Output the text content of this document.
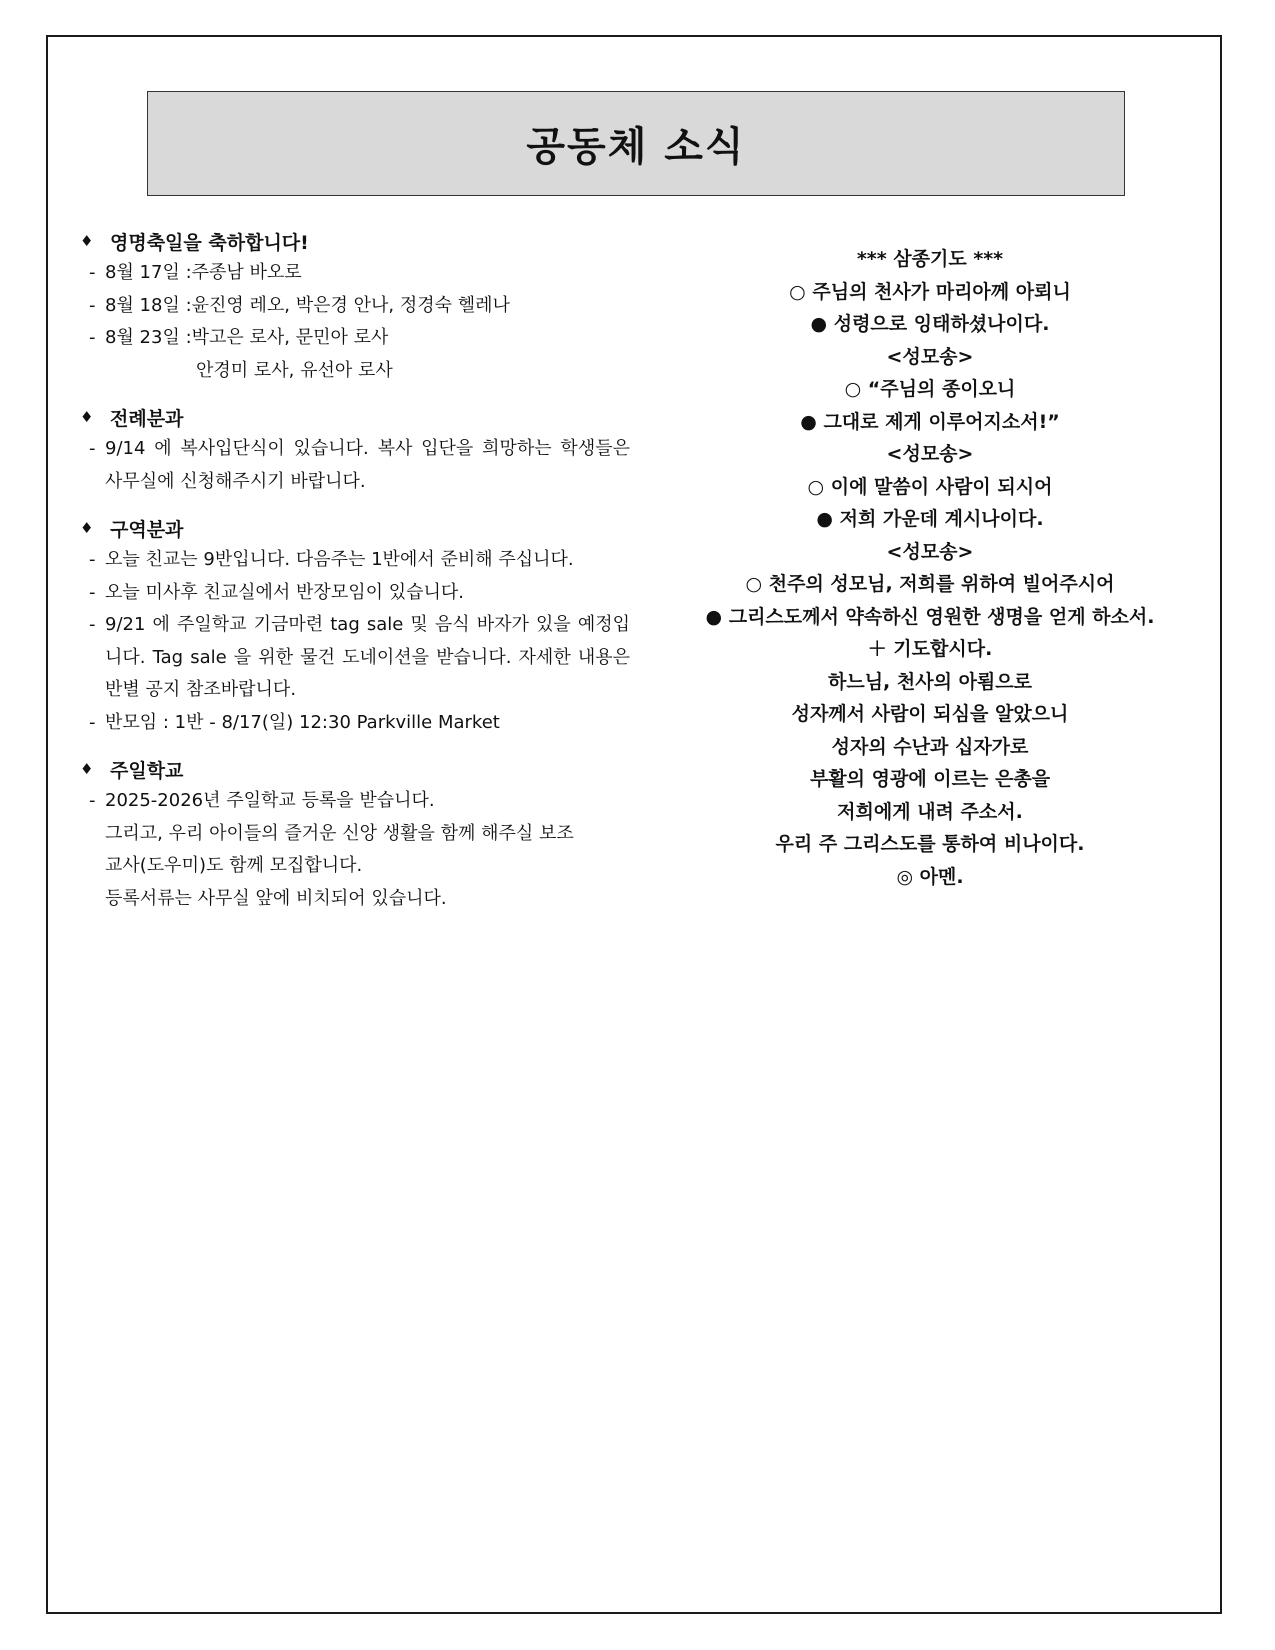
공동체 소식
♦ 영명축일을 축하합니다!
- 8월 17일 : 주종남 바오로
- 8월 18일 : 윤진영 레오, 박은경 안나, 정경숙 헬레나
- 8월 23일 : 박고은 로사, 문민아 로사
안경미 로사, 유선아 로사
♦ 전례분과
- 9/14 에 복사입단식이 있습니다. 복사 입단을 희망하는 학생들은 사무실에 신청해주시기 바랍니다.
♦ 구역분과
- 오늘 친교는 9반입니다. 다음주는 1반에서 준비해 주십니다.
- 오늘 미사후 친교실에서 반장모임이 있습니다.
- 9/21 에 주일학교 기금마련 tag sale 및 음식 바자가 있을 예정입니다. Tag sale 을 위한 물건 도네이션을 받습니다. 자세한 내용은 반별 공지 참조바랍니다.
- 반모임 : 1반 - 8/17(일) 12:30 Parkville Market
♦ 주일학교
- 2025-2026년 주일학교 등록을 받습니다.
그리고, 우리 아이들의 즐거운 신앙 생활을 함께 해주실 보조
교사(도우미)도 함께 모집합니다.
등록서류는 사무실 앞에 비치되어 있습니다.
*** 삼종기도 ***
○ 주님의 천사가 마리아께 아뢰니
● 성령으로 잉태하셨나이다.
<성모송>
○ “주님의 종이오니
● 그대로 제게 이루어지소서!”
<성모송>
○ 이에 말씀이 사람이 되시어
● 저희 가운데 계시나이다.
<성모송>
○ 천주의 성모님, 저희를 위하여 빌어주시어
● 그리스도께서 약속하신 영원한 생명을 얻게 하소서.
＋ 기도합시다.
하느님, 천사의 아룀으로
성자께서 사람이 되심을 알았으니
성자의 수난과 십자가로
부활의 영광에 이르는 은총을
저희에게 내려 주소서.
우리 주 그리스도를 통하여 비나이다.
◎ 아멘.
